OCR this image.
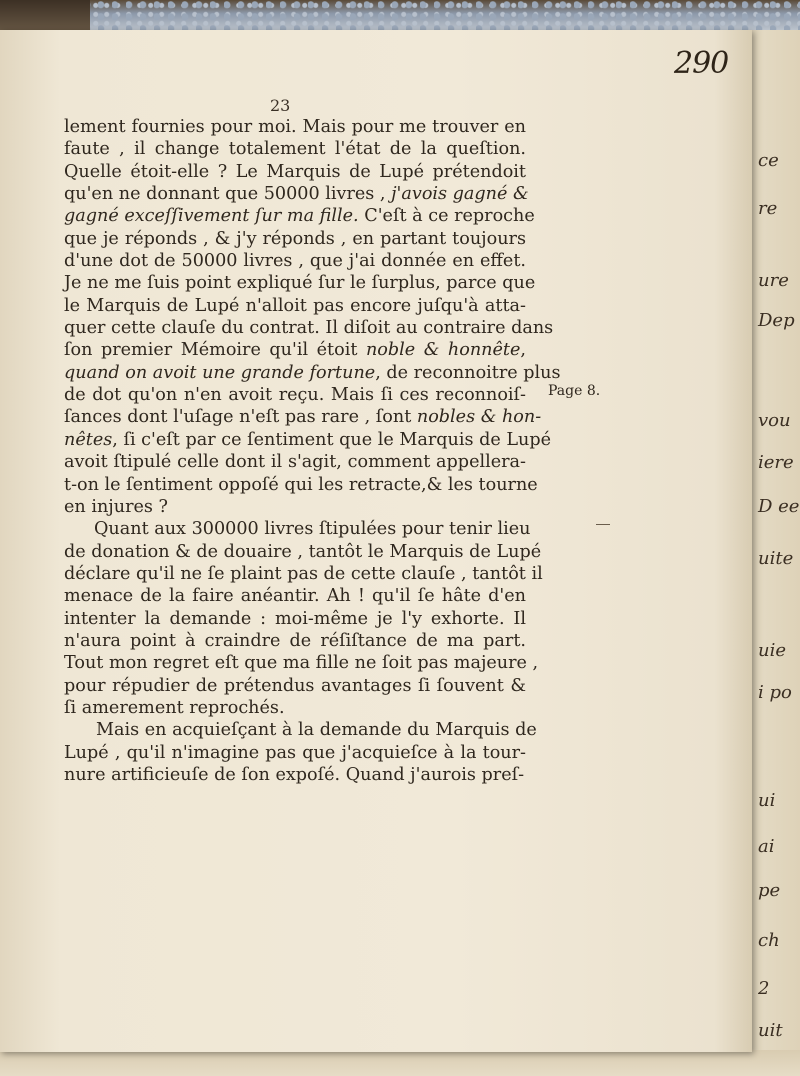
290
23
lement fournies pour moi. Mais pour me trouver en
faute , il change totalement l'état de la queſtion.
Quelle étoit-elle ? Le Marquis de Lupé prétendoit
qu'en ne donnant que 50000 livres , j'avois gagné &
gagné exceſſivement ſur ma fille. C'eſt à ce reproche
que je réponds , & j'y réponds , en partant toujours
d'une dot de 50000 livres , que j'ai donnée en effet.
Je ne me ſuis point expliqué ſur le ſurplus, parce que
le Marquis de Lupé n'alloit pas encore juſqu'à atta-
quer cette clauſe du contrat. Il diſoit au contraire dans
ſon premier Mémoire qu'il étoit noble & honnête,
quand on avoit une grande fortune, de reconnoitre plus
de dot qu'on n'en avoit reçu. Mais ſi ces reconnoiſ-
ſances dont l'uſage n'eſt pas rare , ſont nobles & hon-
nêtes, ſi c'eſt par ce ſentiment que le Marquis de Lupé
avoit ſtipulé celle dont il s'agit, comment appellera-
t-on le ſentiment oppoſé qui les retracte,& les tourne
en injures ?
Quant aux 300000 livres ſtipulées pour tenir lieu
de donation & de douaire , tantôt le Marquis de Lupé
déclare qu'il ne ſe plaint pas de cette clauſe , tantôt il
menace de la faire anéantir. Ah ! qu'il ſe hâte d'en
intenter la demande : moi-même je l'y exhorte. Il
n'aura point à craindre de réſiſtance de ma part.
Tout mon regret eſt que ma fille ne ſoit pas majeure ,
pour répudier de prétendus avantages ſi ſouvent &
ſi amerement reprochés.
Mais en acquieſçant à la demande du Marquis de
Lupé , qu'il n'imagine pas que j'acquieſce à la tour-
nure artificieuſe de ſon expoſé. Quand j'aurois preſ-
Page 8.
ce
re
ure
Dep
vou
iere
D ee
uite
uie
i po
ui
ai
pe
ch
2
uit
